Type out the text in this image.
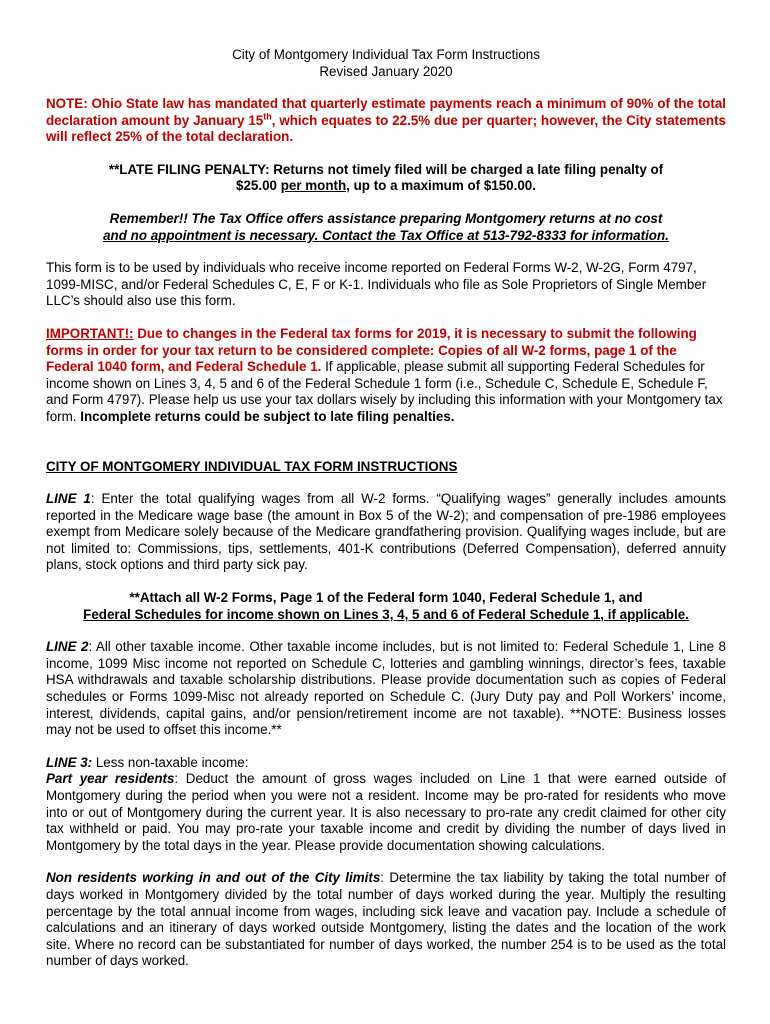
City of Montgomery Individual Tax Form Instructions
Revised January 2020

NOTE: Ohio State law has mandated that quarterly estimate payments reach a minimum of 90% of the total declaration amount by January 15th, which equates to 22.5% due per quarter; however, the City statements will reflect 25% of the total declaration.

**LATE FILING PENALTY: Returns not timely filed will be charged a late filing penalty of
$25.00 per month, up to a maximum of $150.00.
Remember!! The Tax Office offers assistance preparing Montgomery returns at no cost
and no appointment is necessary. Contact the Tax Office at 513-792-8333 for information.

This form is to be used by individuals who receive income reported on Federal Forms W-2, W-2G, Form 4797, 1099-MISC, and/or Federal Schedules C, E, F or K-1. Individuals who file as Sole Proprietors of Single Member LLC’s should also use this form.

IMPORTANT!: Due to changes in the Federal tax forms for 2019, it is necessary to submit the following forms in order for your tax return to be considered complete: Copies of all W-2 forms, page 1 of the Federal 1040 form, and Federal Schedule 1. If applicable, please submit all supporting Federal Schedules for income shown on Lines 3, 4, 5 and 6 of the Federal Schedule 1 form (i.e., Schedule C, Schedule E, Schedule F, and Form 4797). Please help us use your tax dollars wisely by including this information with your Montgomery tax form. Incomplete returns could be subject to late filing penalties.

CITY OF MONTGOMERY INDIVIDUAL TAX FORM INSTRUCTIONS

LINE 1: Enter the total qualifying wages from all W-2 forms. “Qualifying wages” generally includes amounts reported in the Medicare wage base (the amount in Box 5 of the W-2); and compensation of pre-1986 employees exempt from Medicare solely because of the Medicare grandfathering provision. Qualifying wages include, but are not limited to: Commissions, tips, settlements, 401-K contributions (Deferred Compensation), deferred annuity plans, stock options and third party sick pay.

**Attach all W-2 Forms, Page 1 of the Federal form 1040, Federal Schedule 1, and
Federal Schedules for income shown on Lines 3, 4, 5 and 6 of Federal Schedule 1, if applicable.

LINE 2: All other taxable income. Other taxable income includes, but is not limited to: Federal Schedule 1, Line 8 income, 1099 Misc income not reported on Schedule C, lotteries and gambling winnings, director’s fees, taxable HSA withdrawals and taxable scholarship distributions. Please provide documentation such as copies of Federal schedules or Forms 1099-Misc not already reported on Schedule C. (Jury Duty pay and Poll Workers’ income, interest, dividends, capital gains, and/or pension/retirement income are not taxable). **NOTE: Business losses may not be used to offset this income.**

LINE 3: Less non-taxable income:

Part year residents: Deduct the amount of gross wages included on Line 1 that were earned outside of Montgomery during the period when you were not a resident. Income may be pro-rated for residents who move into or out of Montgomery during the current year. It is also necessary to pro-rate any credit claimed for other city tax withheld or paid. You may pro-rate your taxable income and credit by dividing the number of days lived in Montgomery by the total days in the year. Please provide documentation showing calculations.

Non residents working in and out of the City limits: Determine the tax liability by taking the total number of days worked in Montgomery divided by the total number of days worked during the year. Multiply the resulting percentage by the total annual income from wages, including sick leave and vacation pay. Include a schedule of calculations and an itinerary of days worked outside Montgomery, listing the dates and the location of the work site. Where no record can be substantiated for number of days worked, the number 254 is to be used as the total number of days worked.
